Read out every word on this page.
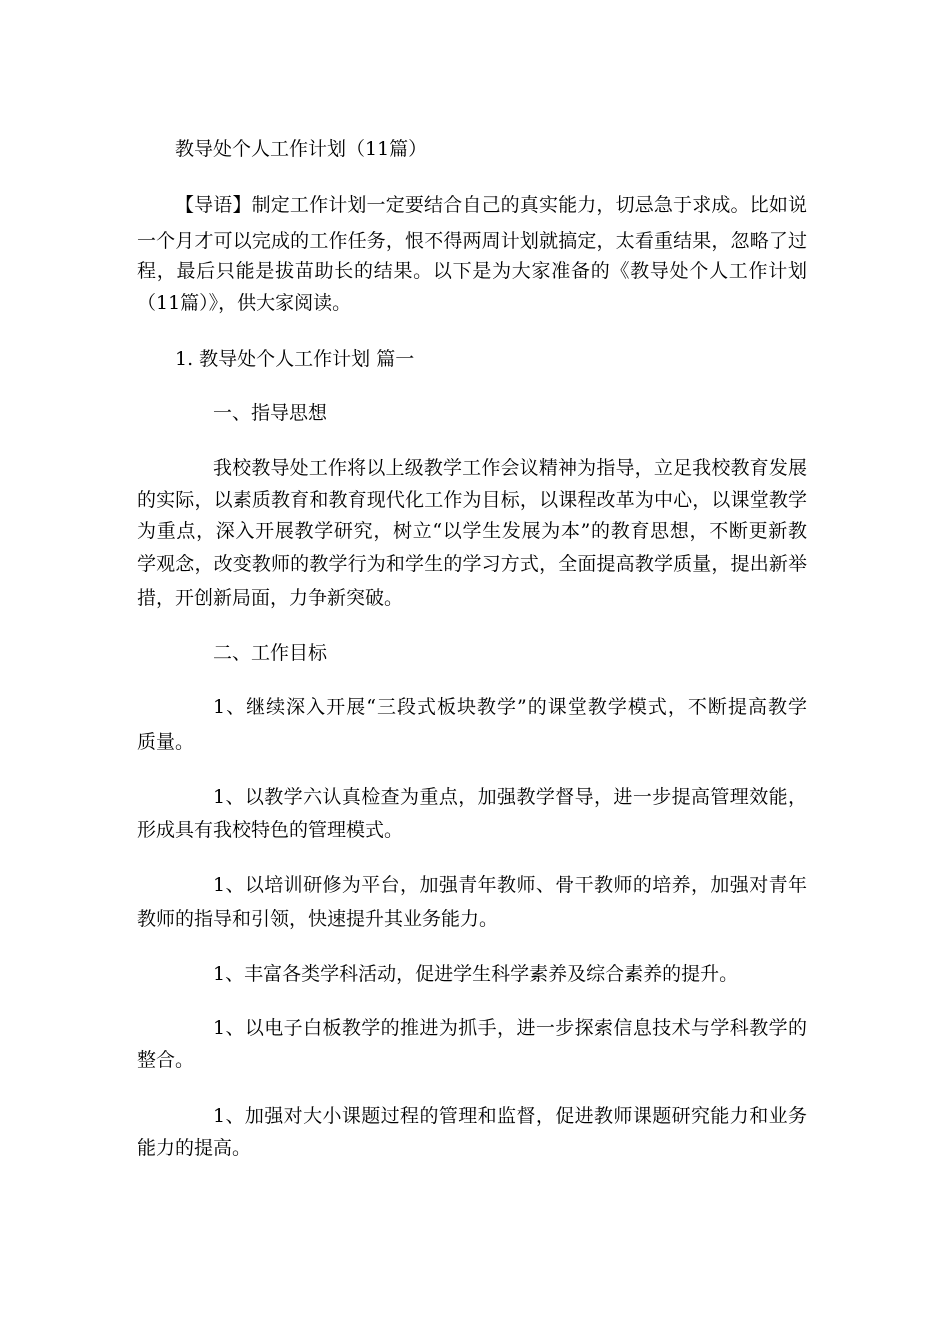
教导处个人工作计划（11篇）

【导语】制定工作计划一定要结合自己的真实能力，切忌急于求成。比如说

一个月才可以完成的工作任务，恨不得两周计划就搞定，太看重结果，忽略了过

程，最后只能是拔苗助长的结果。以下是为大家准备的《教导处个人工作计划

（11篇）》，供大家阅读。

1. 教导处个人工作计划 篇一

一、指导思想

我校教导处工作将以上级教学工作会议精神为指导，立足我校教育发展

的实际，以素质教育和教育现代化工作为目标，以课程改革为中心，以课堂教学

为重点，深入开展教学研究，树立“以学生发展为本”的教育思想，不断更新教

学观念，改变教师的教学行为和学生的学习方式，全面提高教学质量，提出新举

措，开创新局面，力争新突破。

二、工作目标

1、继续深入开展“三段式板块教学”的课堂教学模式，不断提高教学

质量。

1、以教学六认真检查为重点，加强教学督导，进一步提高管理效能，

形成具有我校特色的管理模式。

1、以培训研修为平台，加强青年教师、骨干教师的培养，加强对青年

教师的指导和引领，快速提升其业务能力。

1、丰富各类学科活动，促进学生科学素养及综合素养的提升。

1、以电子白板教学的推进为抓手，进一步探索信息技术与学科教学的

整合。

1、加强对大小课题过程的管理和监督，促进教师课题研究能力和业务

能力的提高。
